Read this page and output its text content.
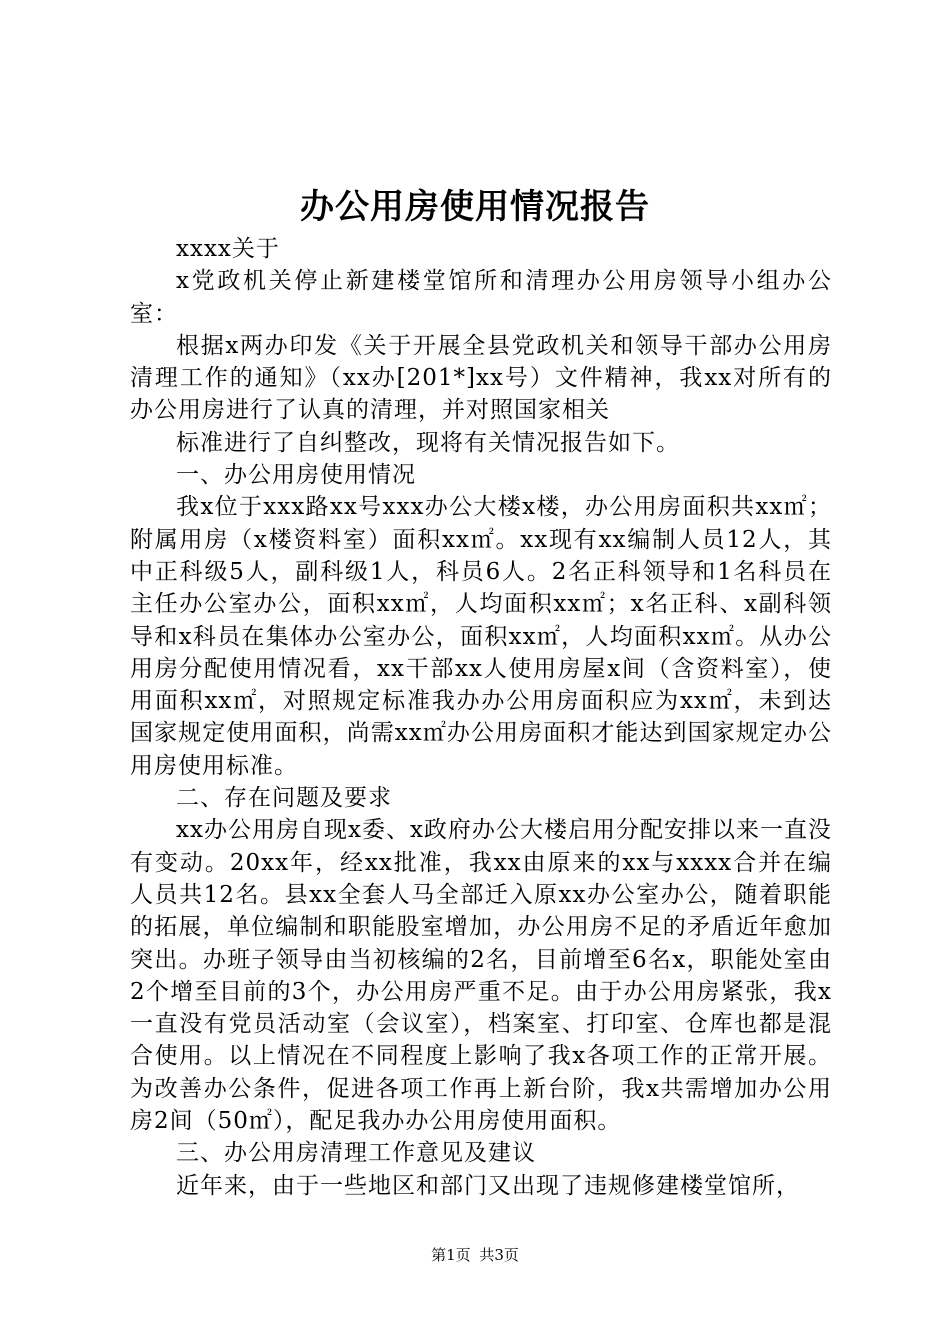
办公用房使用情况报告

xxxx关于

x党政机关停止新建楼堂馆所和清理办公用房领导小组办公室：

根据x两办印发《关于开展全县党政机关和领导干部办公用房清理工作的通知》（xx办[201*]xx号）文件精神，我xx对所有的办公用房进行了认真的清理，并对照国家相关

标准进行了自纠整改，现将有关情况报告如下。

一、办公用房使用情况

我x位于xxx路xx号xxx办公大楼x楼，办公用房面积共xx㎡；附属用房（x楼资料室）面积xx㎡。xx现有xx编制人员12人，其中正科级5人，副科级1人，科员6人。2名正科领导和1名科员在主任办公室办公，面积xx㎡，人均面积xx㎡；x名正科、x副科领导和x科员在集体办公室办公，面积xx㎡，人均面积xx㎡。从办公用房分配使用情况看，xx干部xx人使用房屋x间（含资料室），使用面积xx㎡，对照规定标准我办办公用房面积应为xx㎡，未到达国家规定使用面积，尚需xx㎡办公用房面积才能达到国家规定办公用房使用标准。

二、存在问题及要求

xx办公用房自现x委、x政府办公大楼启用分配安排以来一直没有变动。20xx年，经xx批准，我xx由原来的xx与xxxx合并在编人员共12名。县xx全套人马全部迁入原xx办公室办公，随着职能的拓展，单位编制和职能股室增加，办公用房不足的矛盾近年愈加突出。办班子领导由当初核编的2名，目前增至6名x，职能处室由2个增至目前的3个，办公用房严重不足。由于办公用房紧张，我x一直没有党员活动室（会议室），档案室、打印室、仓库也都是混合使用。以上情况在不同程度上影响了我x各项工作的正常开展。为改善办公条件，促进各项工作再上新台阶，我x共需增加办公用房2间（50㎡），配足我办办公用房使用面积。

三、办公用房清理工作意见及建议

近年来，由于一些地区和部门又出现了违规修建楼堂馆所，

第1页 共3页
